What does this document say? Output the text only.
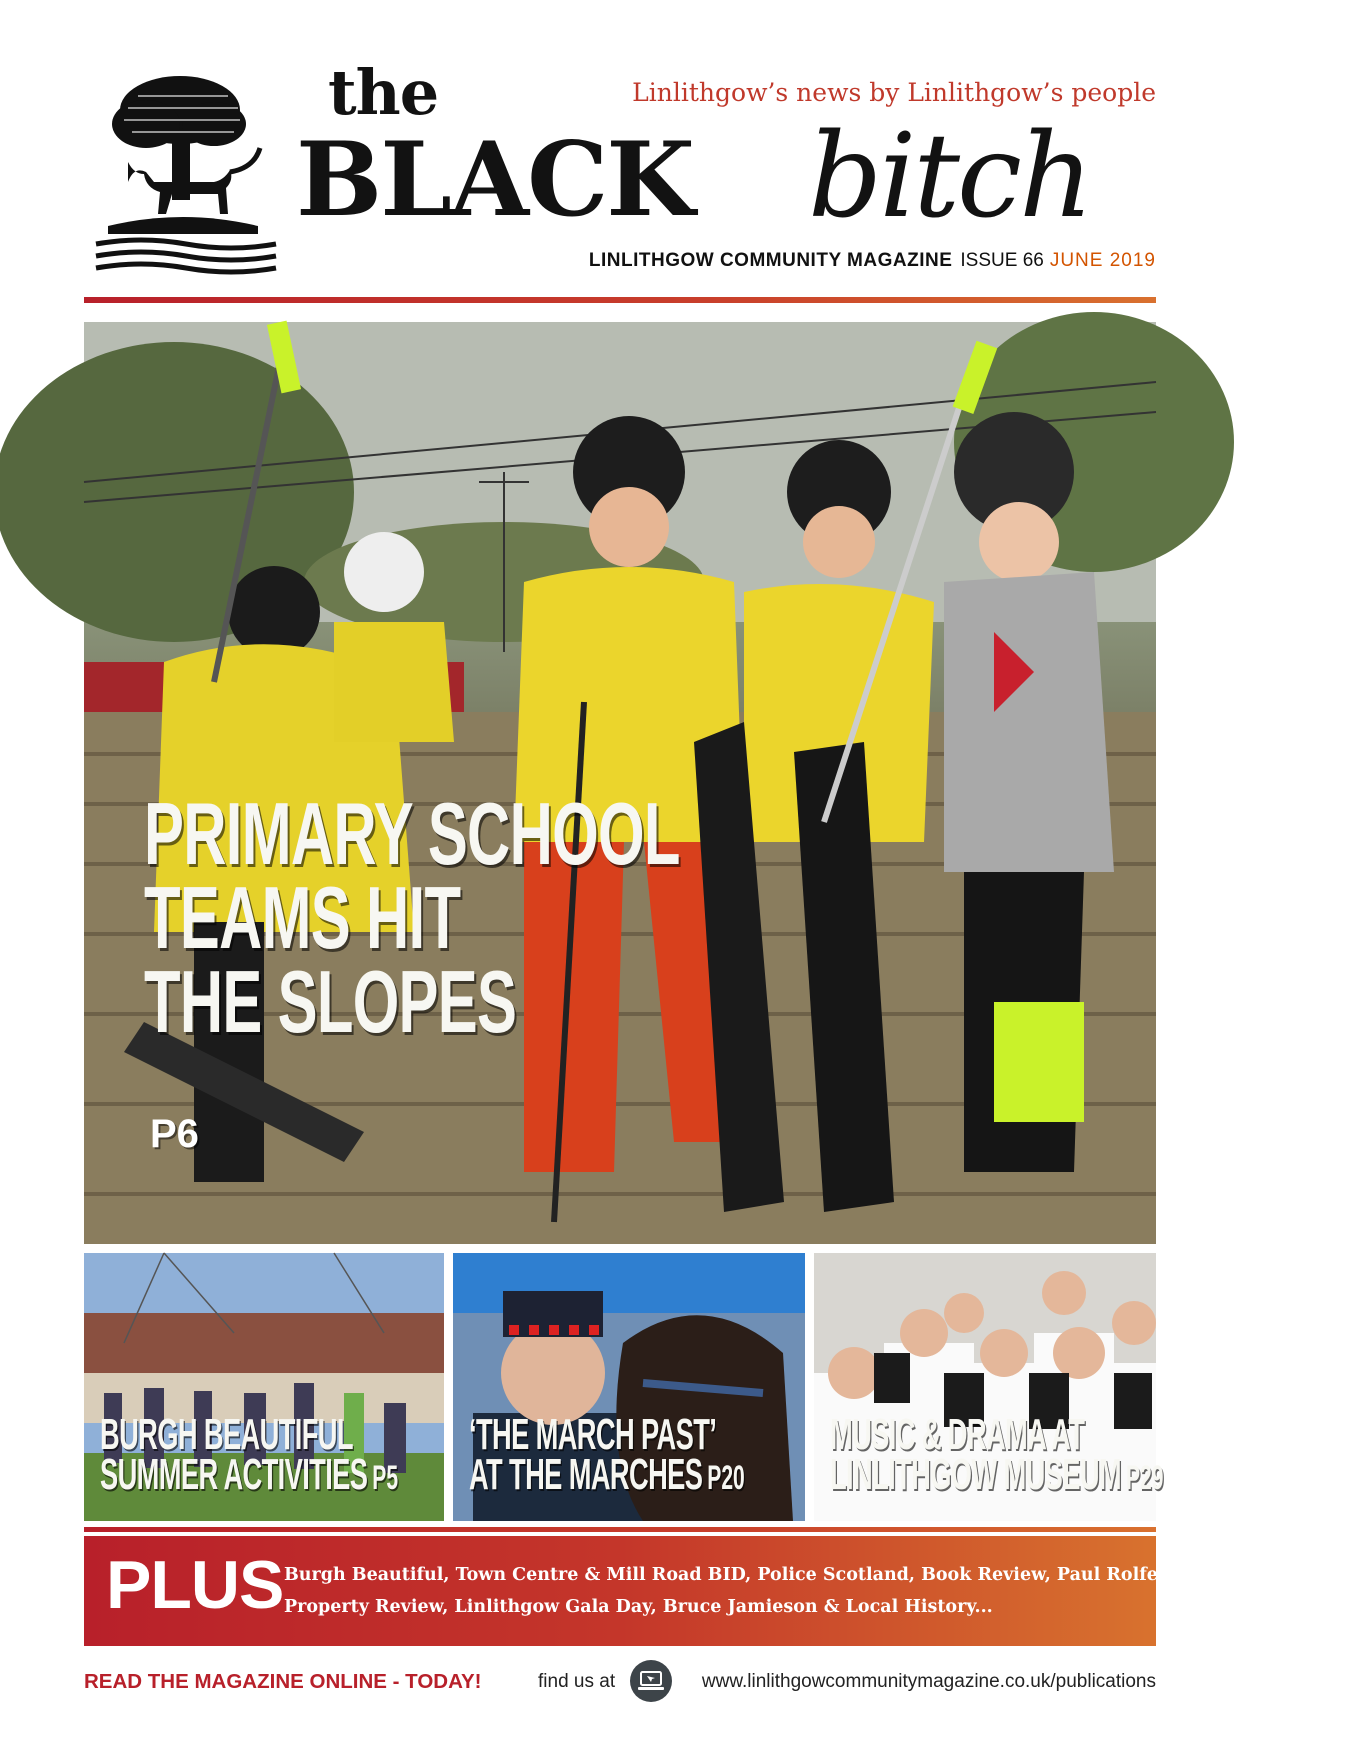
the
BLACK bitch
Linlithgow’s news by Linlithgow’s people
LINLITHGOW COMMUNITY MAGAZINE ISSUE 66 JUNE 2019
PRIMARY SCHOOL
TEAMS HIT
THE SLOPES
P6
BURGH BEAUTIFUL
SUMMER ACTIVITIES P5
‘THE MARCH PAST’
AT THE MARCHES P20
MUSIC & DRAMA AT
LINLITHGOW MUSEUM P29
PLUS Burgh Beautiful, Town Centre & Mill Road BID, Police Scotland, Book Review, Paul Rolfe
Property Review, Linlithgow Gala Day, Bruce Jamieson & Local History...
READ THE MAGAZINE ONLINE - TODAY!	find us at	www.linlithgowcommunitymagazine.co.uk/publications
